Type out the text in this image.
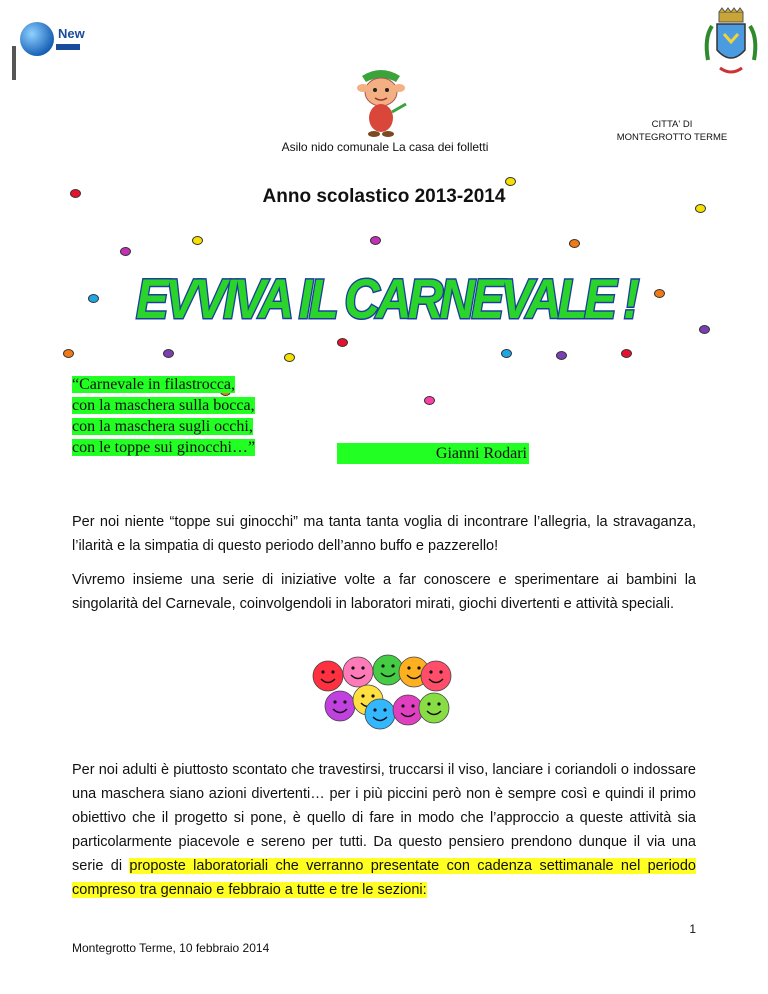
New
Asilo nido comunale La casa dei folletti
CITTA' DI
MONTEGROTTO TERME
Anno scolastico 2013-2014
EVVIVA IL CARNEVALE !
“Carnevale in filastrocca,
con la maschera sulla bocca,
con la maschera sugli occhi,
con le toppe sui ginocchi…”	Gianni Rodari
Per noi niente “toppe sui ginocchi” ma tanta tanta voglia di incontrare l’allegria, la stravaganza, l’ilarità e la simpatia di questo periodo dell’anno buffo e pazzerello!
Vivremo insieme una serie di iniziative volte a far conoscere e sperimentare ai bambini la singolarità del Carnevale, coinvolgendoli in laboratori mirati, giochi divertenti e attività speciali.
Per noi adulti è piuttosto scontato che travestirsi, truccarsi il viso, lanciare i coriandoli o indossare una maschera siano azioni divertenti… per i più piccini però non è sempre così e quindi il primo obiettivo che il progetto si pone, è quello di fare in modo che l’approccio a queste attività sia particolarmente piacevole e sereno per tutti. Da questo pensiero prendono dunque il via una serie di proposte laboratoriali che verranno presentate con cadenza settimanale nel periodo compreso tra gennaio e febbraio a tutte e tre le sezioni:
1
Montegrotto Terme, 10 febbraio 2014
